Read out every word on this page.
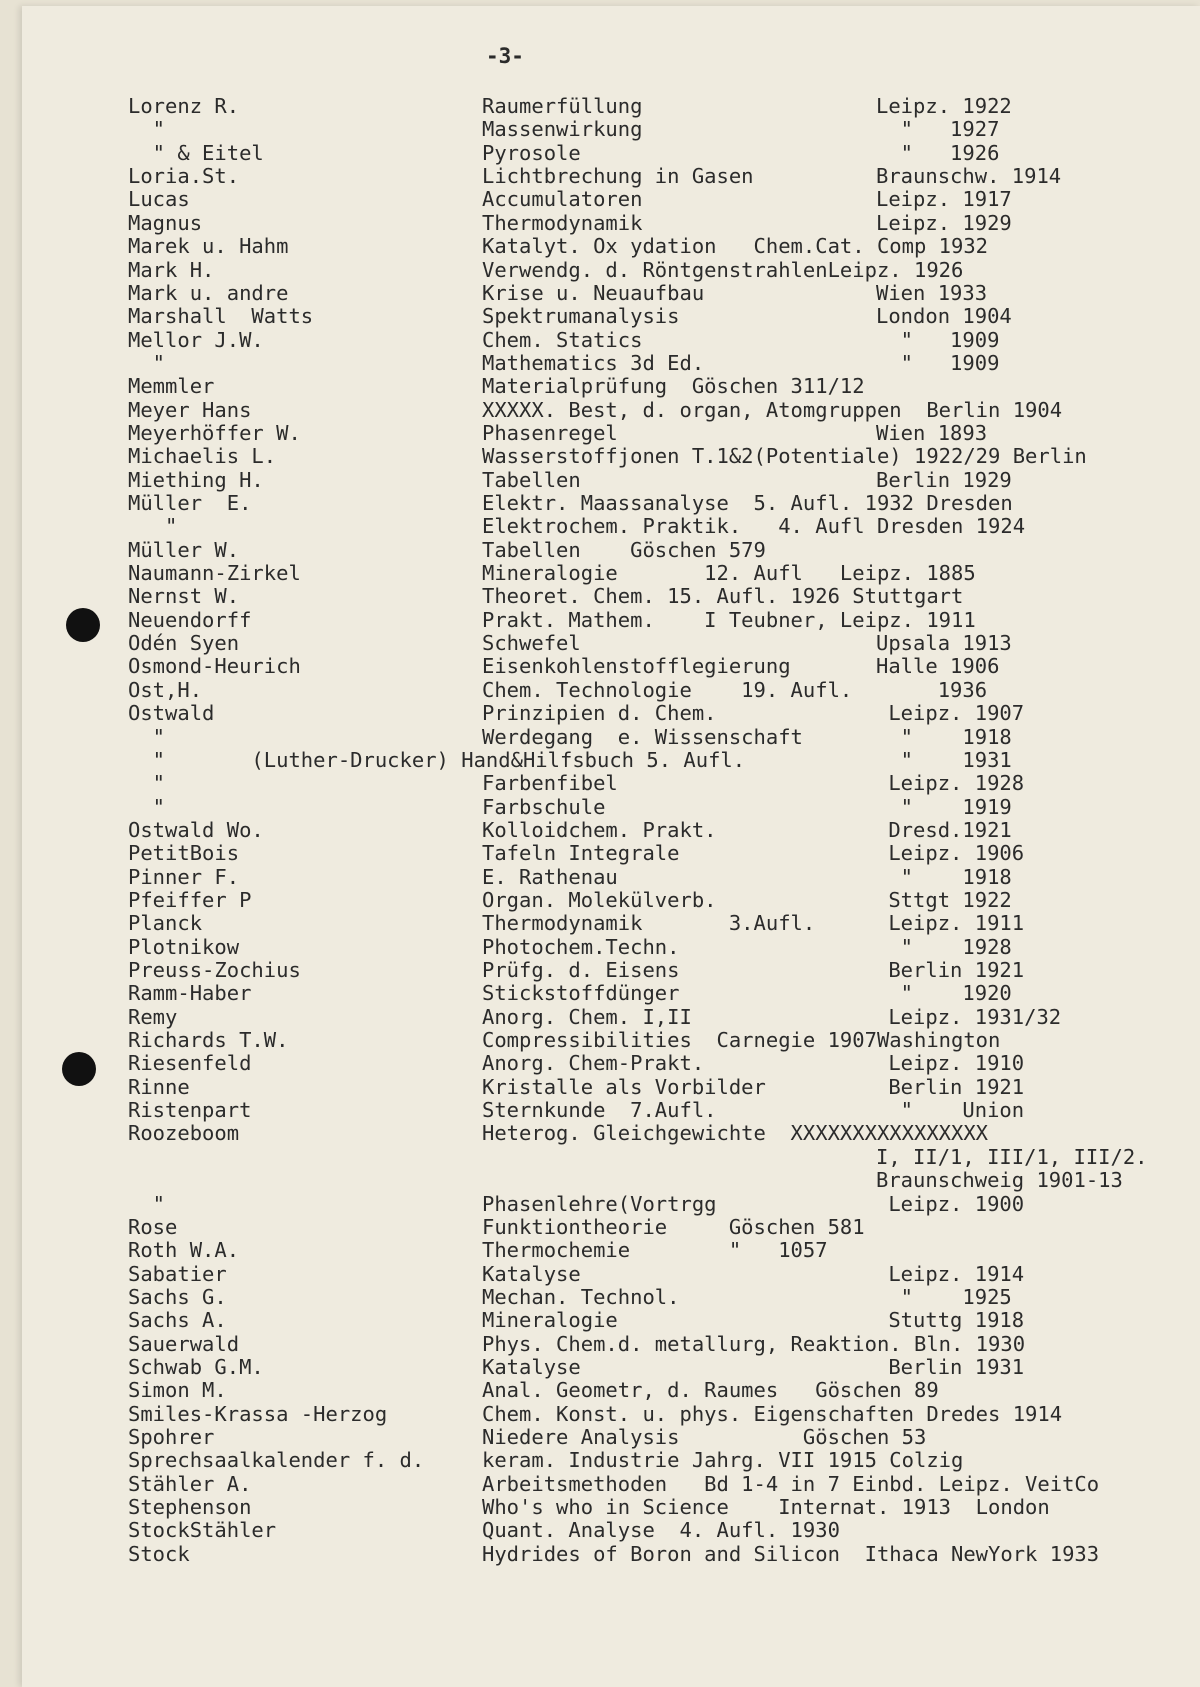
-3-
Lorenz R.	Raumerfüllung	Leipz. 1922
"	Massenwirkung	"   1927
" & Eitel	Pyrosole	"   1926
Loria.St.	Lichtbrechung in Gasen	Braunschw. 1914
Lucas	Accumulatoren	Leipz. 1917
Magnus	Thermodynamik	Leipz. 1929
Marek u. Hahm	Katalyt. Ox ydation   Chem.Cat. Comp 1932
Mark H.	Verwendg. d. RöntgenstrahlenLeipz. 1926
Mark u. andre	Krise u. Neuaufbau	Wien 1933
Marshall  Watts	Spektrumanalysis	London 1904
Mellor J.W.	Chem. Statics	"   1909
"	Mathematics 3d Ed.	"   1909
Memmler	Materialprüfung  Göschen 311/12
Meyer Hans	XXXXX. Best, d. organ, Atomgruppen  Berlin 1904
Meyerhöffer W.	Phasenregel	Wien 1893
Michaelis L.	Wasserstoffjonen T.1&2(Potentiale) 1922/29 Berlin
Miething H.	Tabellen	Berlin 1929
Müller  E.	Elektr. Maassanalyse  5. Aufl. 1932 Dresden
"	Elektrochem. Praktik.   4. Aufl Dresden 1924
Müller W.	Tabellen    Göschen 579
Naumann-Zirkel	Mineralogie       12. Aufl   Leipz. 1885
Nernst W.	Theoret. Chem. 15. Aufl. 1926 Stuttgart
Neuendorff	Prakt. Mathem.    I Teubner, Leipz. 1911
Odén Syen	Schwefel	Upsala 1913
Osmond-Heurich	Eisenkohlenstofflegierung	Halle 1906
Ost,H.	Chem. Technologie    19. Aufl. 1936
Ostwald	Prinzipien d. Chem.	Leipz. 1907
"	Werdegang  e. Wissenschaft	"    1918
"       (Luther-Drucker) Hand&Hilfsbuch 5. Aufl.	"    1931
"	Farbenfibel	Leipz. 1928
"	Farbschule	"    1919
Ostwald Wo.	Kolloidchem. Prakt.	Dresd.1921
PetitBois	Tafeln Integrale	Leipz. 1906
Pinner F.	E. Rathenau	"    1918
Pfeiffer P	Organ. Molekülverb.	Sttgt 1922
Planck	Thermodynamik       3.Aufl.	Leipz. 1911
Plotnikow	Photochem.Techn.	"    1928
Preuss-Zochius	Prüfg. d. Eisens	Berlin 1921
Ramm-Haber	Stickstoffdünger	"    1920
Remy	Anorg. Chem. I,II	Leipz. 1931/32
Richards T.W.	Compressibilities  Carnegie 1907Washington
Riesenfeld	Anorg. Chem-Prakt.	Leipz. 1910
Rinne	Kristalle als Vorbilder	Berlin 1921
Ristenpart	Sternkunde  7.Aufl.	"    Union
Roozeboom	Heterog. Gleichgewichte  XXXXXXXXXXXXXXXX
I, II/1, III/1, III/2.
Braunschweig 1901-13
"	Phasenlehre(Vortrgg	Leipz. 1900
Rose	Funktiontheorie     Göschen 581
Roth W.A.	Thermochemie        "   1057
Sabatier	Katalyse	Leipz. 1914
Sachs G.	Mechan. Technol.	"    1925
Sachs A.	Mineralogie	Stuttg 1918
Sauerwald	Phys. Chem.d. metallurg, Reaktion. Bln. 1930
Schwab G.M.	Katalyse	Berlin 1931
Simon M.	Anal. Geometr, d. Raumes   Göschen 89
Smiles-Krassa -Herzog	Chem. Konst. u. phys. Eigenschaften Dredes 1914
Spohrer	Niedere Analysis          Göschen 53
Sprechsaalkalender f. d.	keram. Industrie Jahrg. VII 1915 Colzig
Stähler A.	Arbeitsmethoden   Bd 1-4 in 7 Einbd. Leipz. VeitCo
Stephenson	Who's who in Science    Internat. 1913  London
StockStähler	Quant. Analyse  4. Aufl. 1930
Stock	Hydrides of Boron and Silicon  Ithaca NewYork 1933
